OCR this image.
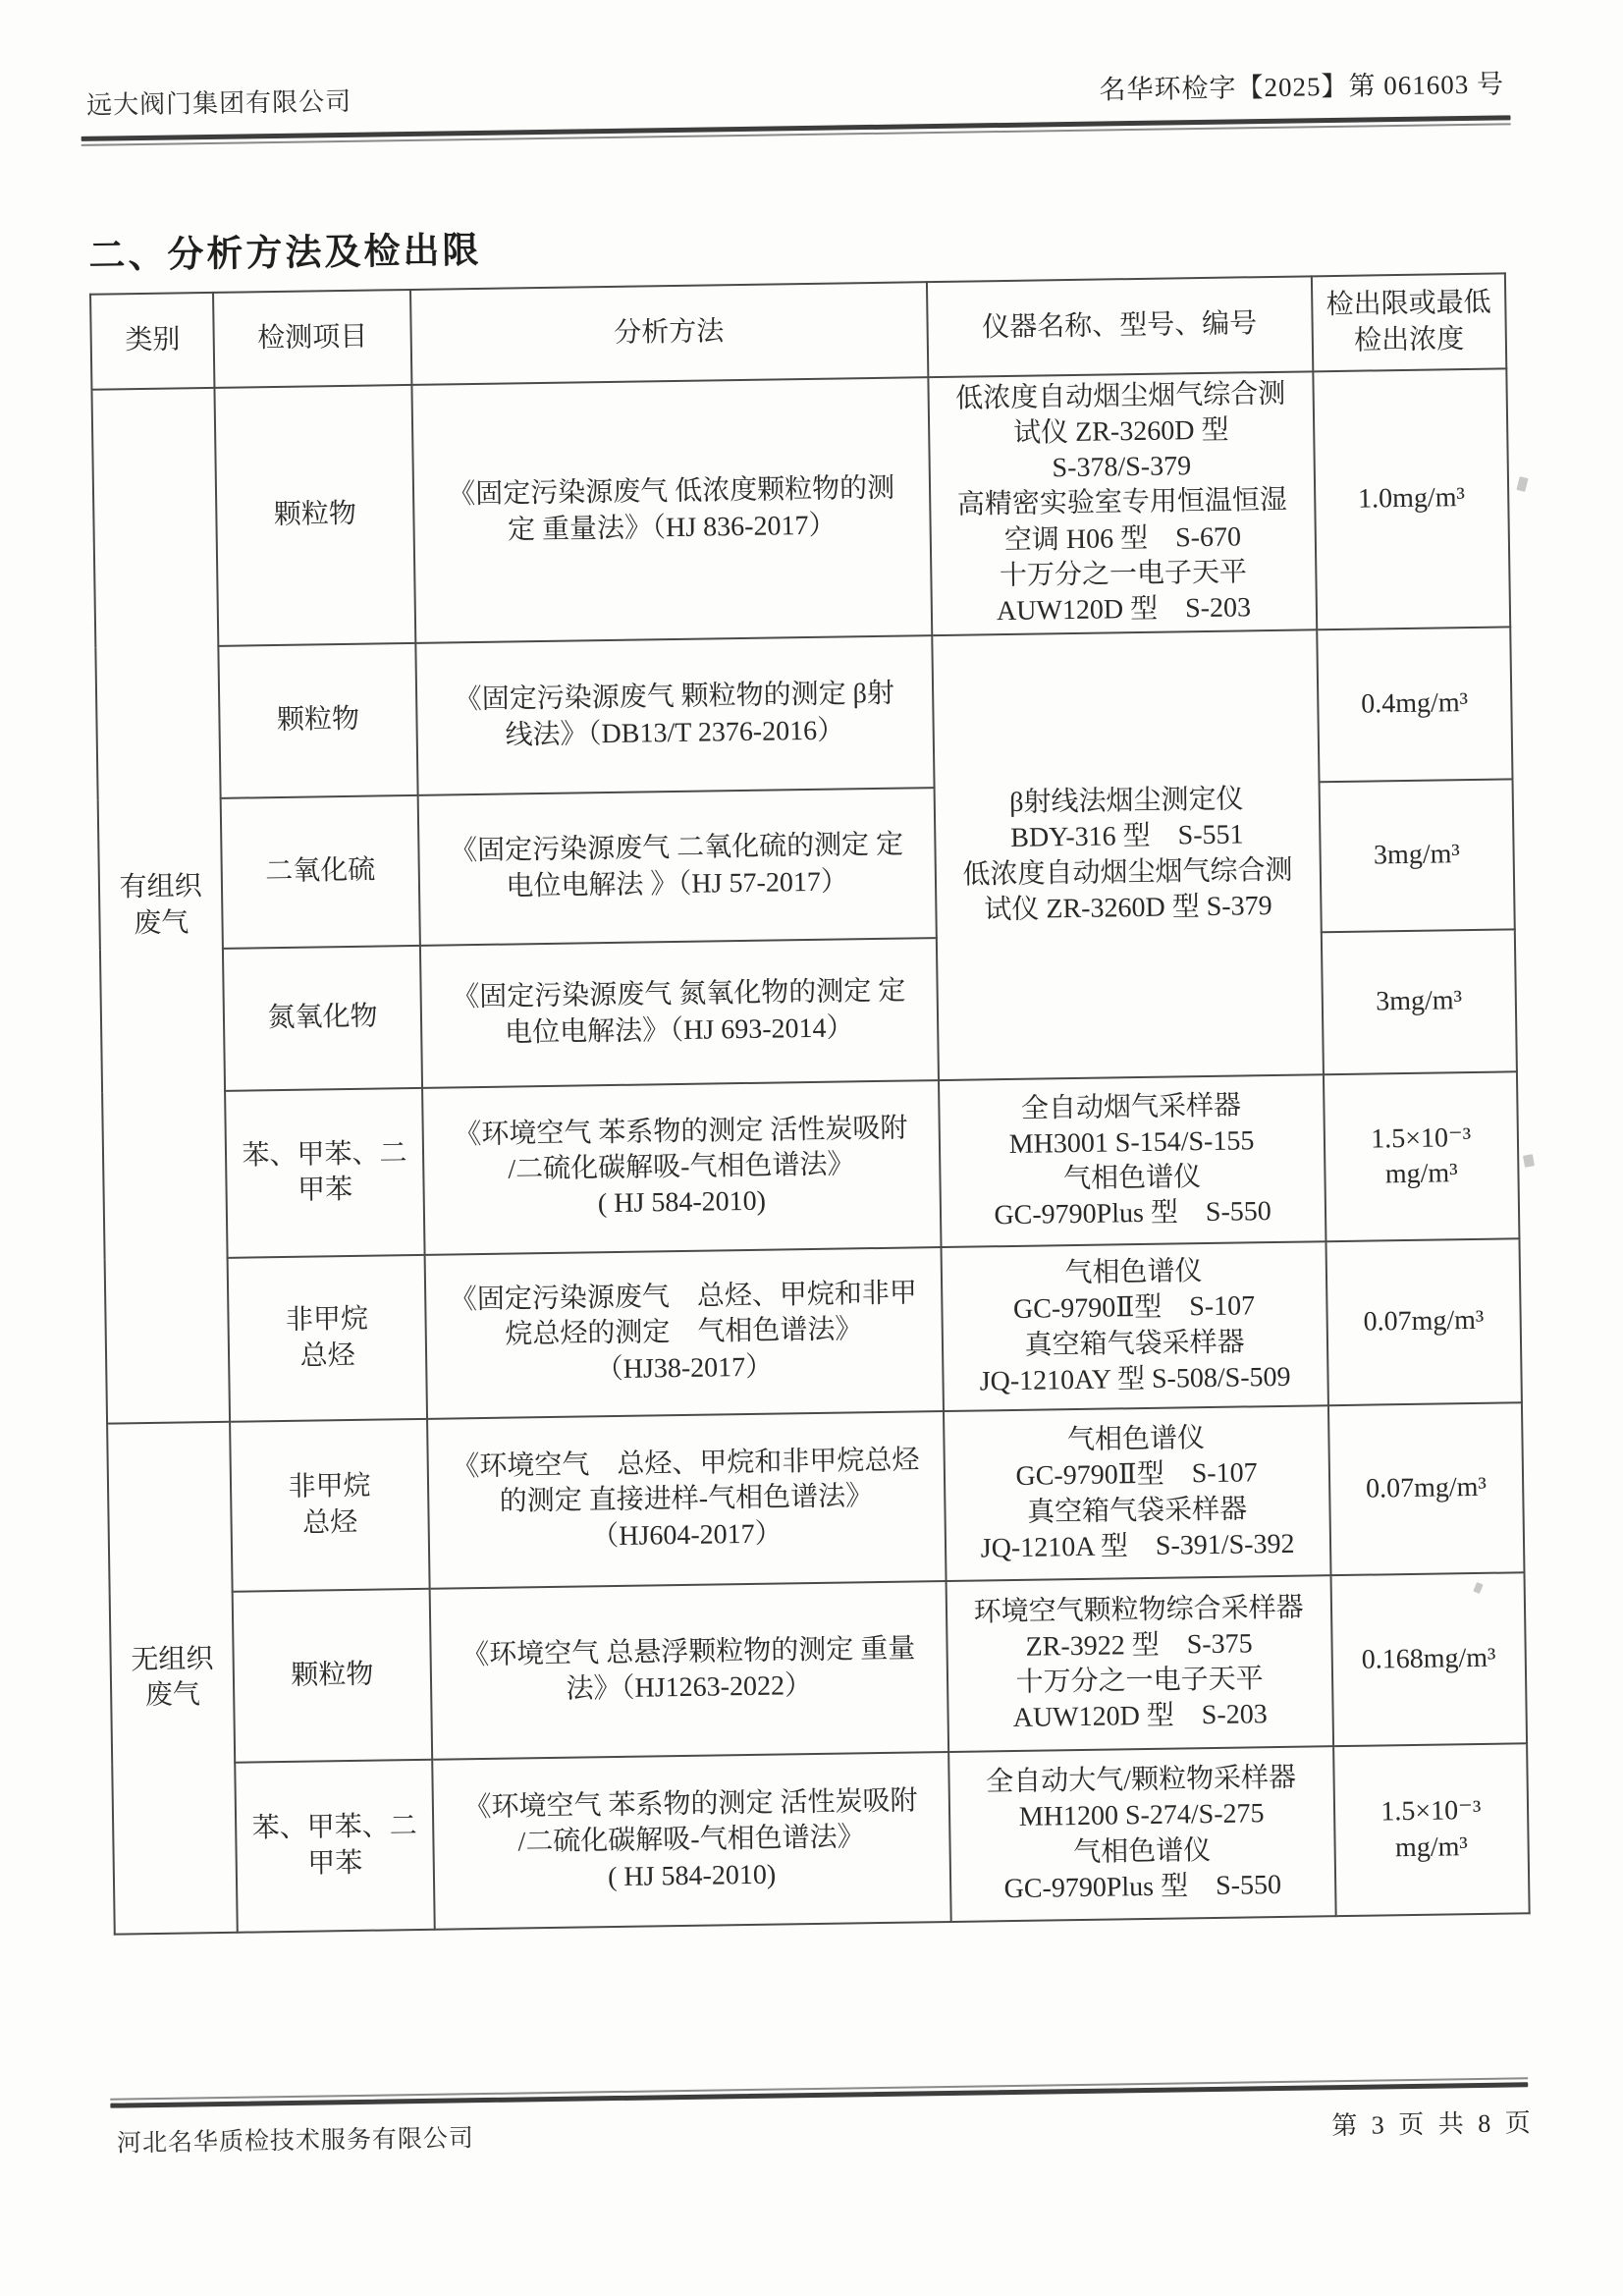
远大阀门集团有限公司	名华环检字【2025】第 061603 号
二、分析方法及检出限
类别	检测项目	分析方法	仪器名称、型号、编号	检出限或最低
检出浓度
有组织
废气	颗粒物	《固定污染源废气 低浓度颗粒物的测
定 重量法》（HJ 836-2017）	低浓度自动烟尘烟气综合测
试仪 ZR-3260D 型
S-378/S-379
高精密实验室专用恒温恒湿
空调 H06 型　S-670
十万分之一电子天平
AUW120D 型　S-203	1.0mg/m³
	颗粒物	《固定污染源废气 颗粒物的测定 β射
线法》（DB13/T 2376-2016）	β射线法烟尘测定仪
BDY-316 型　S-551
低浓度自动烟尘烟气综合测
试仪 ZR-3260D 型 S-379	0.4mg/m³
	二氧化硫	《固定污染源废气 二氧化硫的测定 定
电位电解法 》（HJ 57-2017）		3mg/m³
	氮氧化物	《固定污染源废气 氮氧化物的测定 定
电位电解法》（HJ 693-2014）		3mg/m³
	苯、甲苯、二
甲苯	《环境空气 苯系物的测定 活性炭吸附
/二硫化碳解吸-气相色谱法》
( HJ 584-2010)	全自动烟气采样器
MH3001 S-154/S-155
气相色谱仪
GC-9790Plus 型　S-550	1.5×10⁻³
mg/m³
	非甲烷
总烃	《固定污染源废气　总烃、甲烷和非甲
烷总烃的测定　气相色谱法》
（HJ38-2017）	气相色谱仪
GC-9790Ⅱ型　S-107
真空箱气袋采样器
JQ-1210AY 型 S-508/S-509	0.07mg/m³
无组织
废气	非甲烷
总烃	《环境空气　总烃、甲烷和非甲烷总烃
的测定 直接进样-气相色谱法》
（HJ604-2017）	气相色谱仪
GC-9790Ⅱ型　S-107
真空箱气袋采样器
JQ-1210A 型　S-391/S-392	0.07mg/m³
	颗粒物	《环境空气 总悬浮颗粒物的测定 重量
法》（HJ1263-2022）	环境空气颗粒物综合采样器
ZR-3922 型　S-375
十万分之一电子天平
AUW120D 型　S-203	0.168mg/m³
	苯、甲苯、二
甲苯	《环境空气 苯系物的测定 活性炭吸附
/二硫化碳解吸-气相色谱法》
( HJ 584-2010)	全自动大气/颗粒物采样器
MH1200 S-274/S-275
气相色谱仪
GC-9790Plus 型　S-550	1.5×10⁻³
mg/m³
河北名华质检技术服务有限公司	第 3 页 共 8 页
